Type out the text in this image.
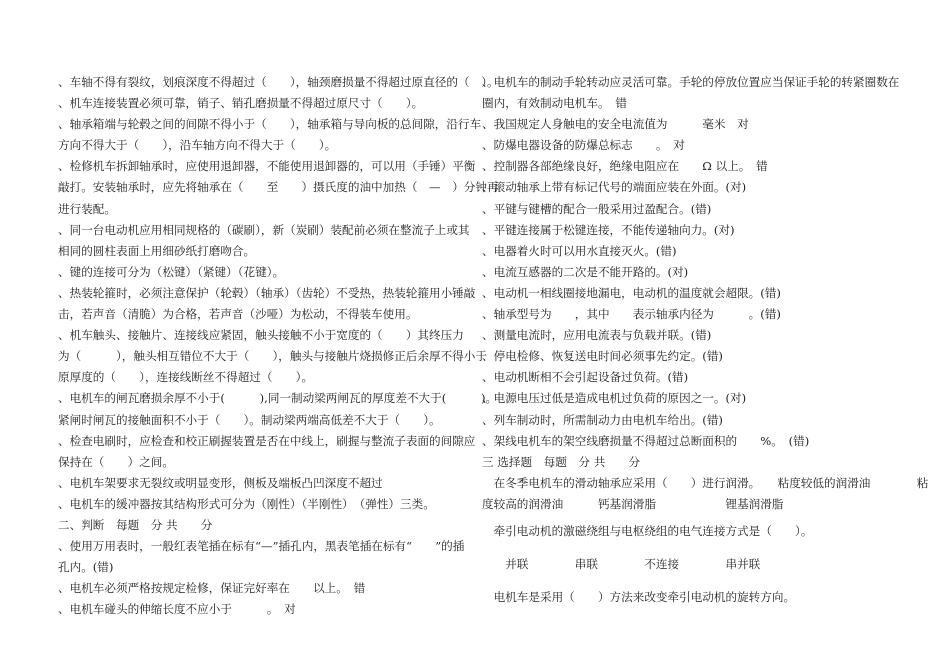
、车轴不得有裂纹，划痕深度不得超过（　　），轴颈磨损量不得超过原直径的（　）。
、机车连接装置必须可靠，销子、销孔磨损量不得超过原尺寸（　　）。
、轴承箱端与轮毂之间的间隙不得小于（　　），轴承箱与导向板的总间隙，沿行车
方向不得大于（　　），沿车轴方向不得大于（　　）。
、检修机车拆卸轴承时，应使用退卸器，不能使用退卸器的，可以用（手锤）平衡
敲打。安装轴承时，应先将轴承在（　　至　　）摄氏度的油中加热（　—　）分钟再
进行装配。
、同一台电动机应用相同规格的（碳刷），新（炭刷）装配前必须在整流子上或其
相同的圆柱表面上用细砂纸打磨吻合。
、键的连接可分为（松键）（紧键）（花键）。
、热装轮箍时，必须注意保护（轮毂）（轴承）（齿轮）不受热，热装轮箍用小锤敲
击，若声音（清脆）为合格，若声音（沙哑）为松动，不得装车使用。
、机车触头、接触片、连接线应紧固，触头接触不小于宽度的（　　）其终压力
为（　　　），触头相互错位不大于（　　），触头与接触片烧损修正后余厚不得小于
原厚度的（　　），连接线断丝不得超过（　　）。
、电机车的闸瓦磨损余厚不小于(　　　),同一制动梁两闸瓦的厚度差不大于(　　　)。
紧闸时闸瓦的接触面积不小于（　　）。制动梁两端高低差不大于（　　）。
、检查电刷时，应检查和校正刷握装置是否在中线上，刷握与整流子表面的间隙应
保持在（　　）之间。
、电机车架要求无裂纹或明显变形，侧板及端板凸凹深度不超过
、电机车的缓冲器按其结构形式可分为（刚性）（半刚性）　（弹性）三类。
二、判断　每题　分 共　　分
、使用万用表时，一般红表笔插在标有“—”插孔内，黑表笔插在标有“　　”的插
孔内。(错)
、电机车必须严格按规定检修，保证完好率在　　以上。　错
、电机车碰头的伸缩长度不应小于　　　。　对
、电机车的制动手轮转动应灵活可靠。手轮的停放位置应当保证手轮的转紧圈数在
圈内，有效制动电机车。　错
、我国规定人身触电的安全电流值为　　　毫米　对
、防爆电器设备的防爆总标志　　。　对
、控制器各部绝缘良好，绝缘电阻应在　　Ω 以上。　错
、滚动轴承上带有标记代号的端面应装在外面。(对)
、平键与键槽的配合一般采用过盈配合。(错)
、平键连接属于松键连接，不能传递轴向力。(对)
、电器着火时可以用水直接灭火。(错)
、电流互感器的二次是不能开路的。(对)
、电动机一相线圈接地漏电，电动机的温度就会超限。(错)
、轴承型号为　　，其中　　表示轴承内径为　　　。(错)
、测量电流时，应用电流表与负载并联。(错)
、停电检修、恢复送电时间必须事先约定。(错)
、电动机断相不会引起设备过负荷。(错)
、电源电压过低是造成电机过负荷的原因之一。(对)
、列车制动时，所需制动力由电机车给出。(错)
、架线电机车的架空线磨损量不得超过总断面积的　　%。　(错)
三 选择题　每题　分 共　　分
　在冬季电机车的滑动轴承应采用（　　）进行润滑。　　粘度较低的润滑油　　　　粘
度较高的润滑油　　　钙基润滑脂　　　　　　锂基润滑脂
　牵引电动机的激磁绕组与电枢绕组的电气连接方式是（　　）。
　　并联　　　　串联　　　　不连接　　　　串并联
　电机车是采用（　　）方法来改变牵引电动机的旋转方向。
